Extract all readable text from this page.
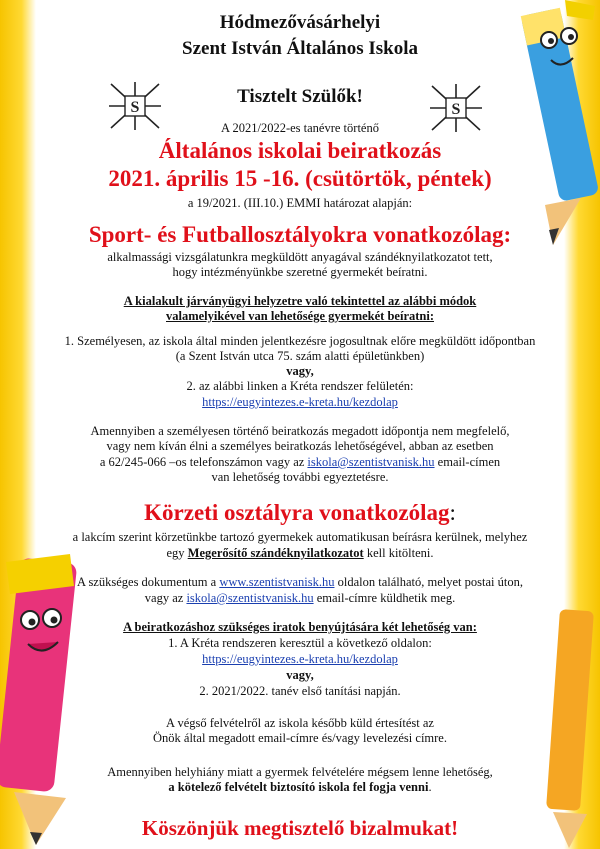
S	S
Hódmezővásárhelyi
Szent István Általános Iskola
Tisztelt Szülők!
A 2021/2022-es tanévre történő
Általános iskolai beiratkozás
2021. április 15 -16. (csütörtök, péntek)
a 19/2021. (III.10.) EMMI határozat alapján:
Sport- és Futballosztályokra vonatkozólag:
alkalmassági vizsgálatunkra megküldött anyagával szándéknyilatkozatot tett,
hogy intézményünkbe szeretné gyermekét beíratni.
A kialakult járványügyi helyzetre való tekintettel az alábbi módok
valamelyikével van lehetősége gyermekét beíratni:
1. Személyesen, az iskola által minden jelentkezésre jogosultnak előre megküldött időpontban
(a Szent István utca 75. szám alatti épületünkben)
vagy,
2. az alábbi linken a Kréta rendszer felületén:
https://eugyintezes.e-kreta.hu/kezdolap
Amennyiben a személyesen történő beiratkozás megadott időpontja nem megfelelő,
vagy nem kíván élni a személyes beiratkozás lehetőségével, abban az esetben
a 62/245-066 –os telefonszámon vagy az iskola@szentistvanisk.hu email-címen
van lehetőség további egyeztetésre.
Körzeti osztályra vonatkozólag:
a lakcím szerint körzetünkbe tartozó gyermekek automatikusan beírásra kerülnek, melyhez
egy Megerősítő szándéknyilatkozatot kell kitölteni.
A szükséges dokumentum a www.szentistvanisk.hu oldalon található, melyet postai úton,
vagy az iskola@szentistvanisk.hu email-címre küldhetik meg.
A beiratkozáshoz szükséges iratok benyújtására két lehetőség van:
1. A Kréta rendszeren keresztül a következő oldalon:
https://eugyintezes.e-kreta.hu/kezdolap
vagy,
2. 2021/2022. tanév első tanítási napján.
A végső felvételről az iskola később küld értesítést az
Önök által megadott email-címre és/vagy levelezési címre.
Amennyiben helyhiány miatt a gyermek felvételére mégsem lenne lehetőség,
a kötelező felvételt biztosító iskola fel fogja venni.
Köszönjük megtisztelő bizalmukat!
